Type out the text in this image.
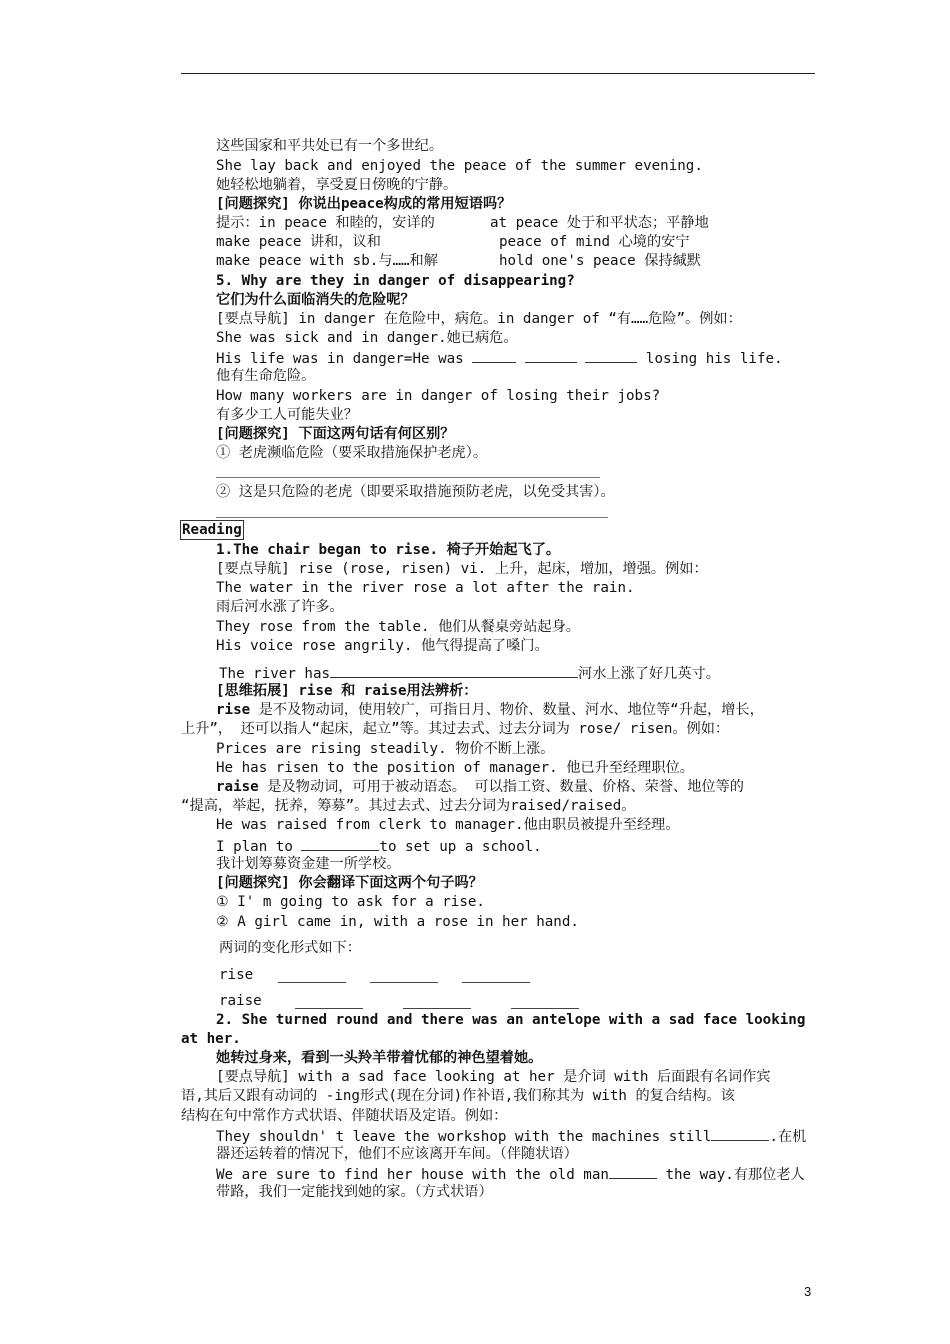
这些国家和平共处已有一个多世纪。
She lay back and enjoyed the peace of the summer evening.
她轻松地躺着，享受夏日傍晚的宁静。
[问题探究] 你说出peace构成的常用短语吗？
提示：in peace 和睦的，安详的	at peace 处于和平状态；平静地
make peace 讲和，议和	peace of mind 心境的安宁
make peace with sb.与……和解	hold one's peace 保持缄默
5. Why are they in danger of disappearing?
它们为什么面临消失的危险呢？
[要点导航] in danger 在危险中，病危。in danger of “有……危险”。例如：
She was sick and in danger.她已病危。
His life was in danger=He was	losing his life.
他有生命危险。
How many workers are in danger of losing their jobs?
有多少工人可能失业？
[问题探究] 下面这两句话有何区别？
① 老虎濒临危险（要采取措施保护老虎）。
② 这是只危险的老虎（即要采取措施预防老虎，以免受其害）。
Reading
1.The chair began to rise. 椅子开始起飞了。
[要点导航] rise (rose, risen) vi. 上升，起床，增加，增强。例如：
The water in the river rose a lot after the rain.
雨后河水涨了许多。
They rose from the table. 他们从餐桌旁站起身。
His voice rose angrily. 他气得提高了嗓门。
The river has	河水上涨了好几英寸。
[思维拓展] rise 和 raise用法辨析：
rise 是不及物动词，使用较广，可指日月、物价、数量、河水、地位等“升起，增长，
上升”， 还可以指人“起床，起立”等。其过去式、过去分词为 rose/ risen。例如：
Prices are rising steadily. 物价不断上涨。
He has risen to the position of manager. 他已升至经理职位。
raise 是及物动词，可用于被动语态。 可以指工资、数量、价格、荣誉、地位等的
“提高，举起，抚养，筹募”。其过去式、过去分词为raised/raised。
He was raised from clerk to manager.他由职员被提升至经理。
I plan to	to set up a school.
我计划筹募资金建一所学校。
[问题探究] 你会翻译下面这两个句子吗？
① I' m going to ask for a rise.
② A girl came in, with a rose in her hand.
两词的变化形式如下：
rise
raise
2. She turned round and there was an antelope with a sad face looking
at her.
她转过身来，看到一头羚羊带着忧郁的神色望着她。
[要点导航] with a sad face looking at her 是介词 with 后面跟有名词作宾
语,其后又跟有动词的 -ing形式(现在分词)作补语,我们称其为 with 的复合结构。该
结构在句中常作方式状语、伴随状语及定语。例如：
They shouldn' t leave the workshop with the machines still	.在机
器还运转着的情况下，他们不应该离开车间。（伴随状语）
We are sure to find her house with the old man	the way.有那位老人
带路，我们一定能找到她的家。（方式状语）
3
